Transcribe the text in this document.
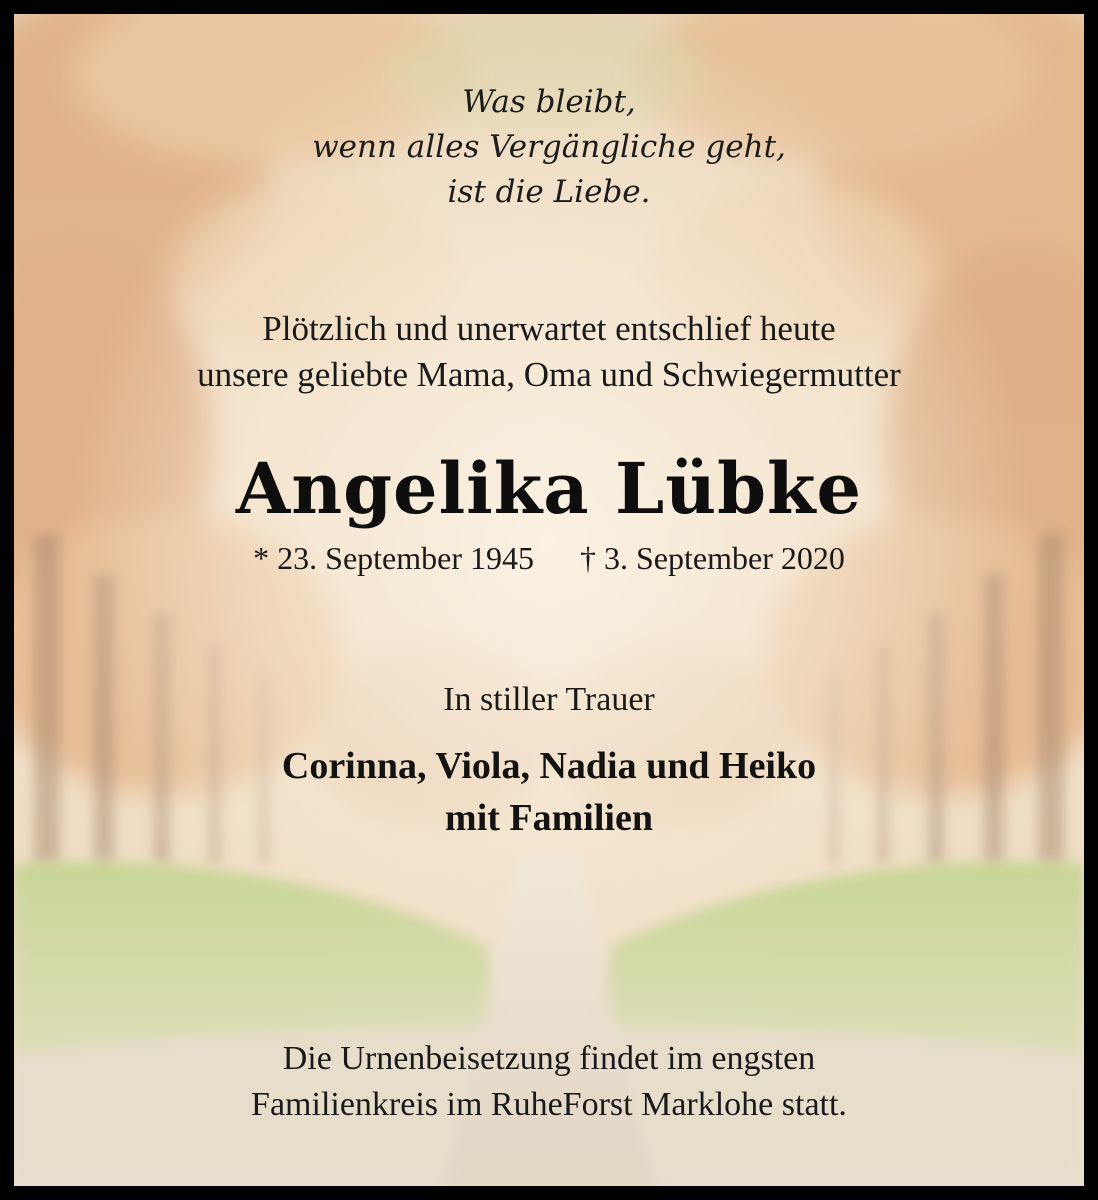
Was bleibt,
wenn alles Vergängliche geht,
ist die Liebe.
Plötzlich und unerwartet entschlief heute
unsere geliebte Mama, Oma und Schwiegermutter
Angelika Lübke
* 23. September 1945 † 3. September 2020
In stiller Trauer
Corinna, Viola, Nadia und Heiko
mit Familien
Die Urnenbeisetzung findet im engsten
Familienkreis im RuheForst Marklohe statt.
